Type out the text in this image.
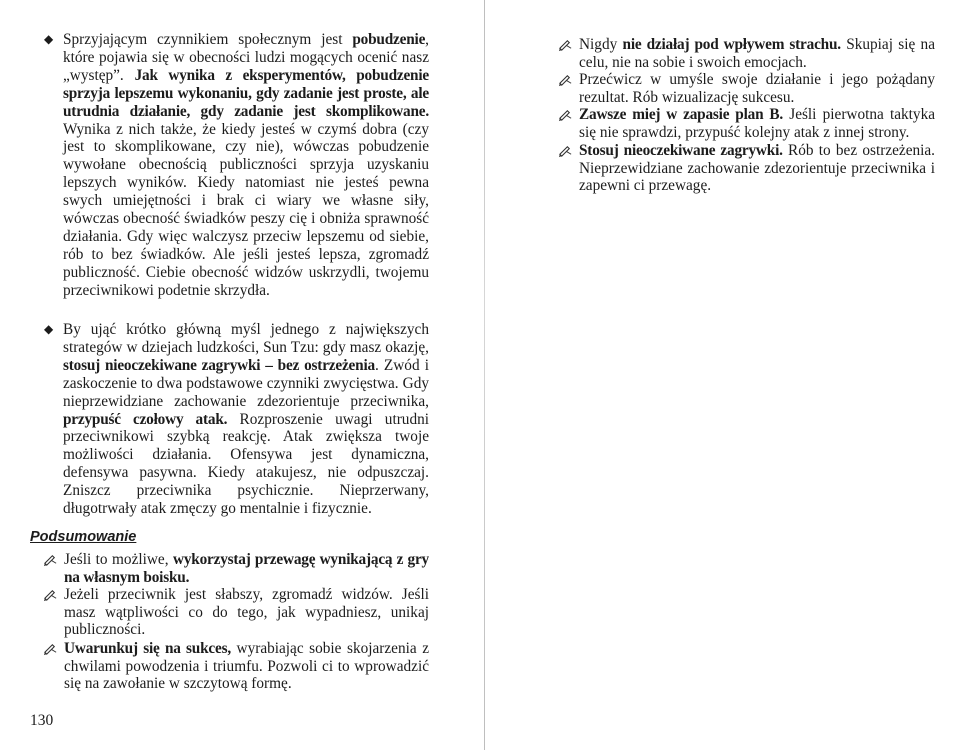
◆ Sprzyjającym czynnikiem społecznym jest pobudzenie, które pojawia się w obecności ludzi mogących ocenić nasz „występ”. Jak wynika z eksperymentów, pobudzenie sprzyja lepszemu wykonaniu, gdy zadanie jest proste, ale utrudnia działanie, gdy zadanie jest skomplikowane. Wynika z nich także, że kiedy jesteś w czymś dobra (czy jest to skomplikowane, czy nie), wówczas pobudzenie wywołane obecnością publiczności sprzyja uzyskaniu lepszych wyników. Kiedy natomiast nie jesteś pewna swych umiejętności i brak ci wiary we własne siły, wówczas obecność świadków peszy cię i obniża sprawność działania. Gdy więc walczysz przeciw lepszemu od siebie, rób to bez świadków. Ale jeśli jesteś lepsza, zgromadź publiczność. Ciebie obecność widzów uskrzydli, twojemu przeciwnikowi podetnie skrzydła.
◆ By ująć krótko główną myśl jednego z największych strategów w dziejach ludzkości, Sun Tzu: gdy masz okazję, stosuj nieoczekiwane zagrywki – bez ostrzeżenia. Zwód i zaskoczenie to dwa podstawowe czynniki zwycięstwa. Gdy nieprzewidziane zachowanie zdezorientuje przeciwnika, przypuść czołowy atak. Rozproszenie uwagi utrudni przeciwnikowi szybką reakcję. Atak zwiększa twoje możliwości działania. Ofensywa jest dynamiczna, defensywa pasywna. Kiedy atakujesz, nie odpuszczaj. Zniszcz przeciwnika psychicznie. Nieprzerwany, długotrwały atak zmęczy go mentalnie i fizycznie.
Podsumowanie
Jeśli to możliwe, wykorzystaj przewagę wynikającą z gry na własnym boisku.
Jeżeli przeciwnik jest słabszy, zgromadź widzów. Jeśli masz wątpliwości co do tego, jak wypadniesz, unikaj publiczności.
Uwarunkuj się na sukces, wyrabiając sobie skojarzenia z chwilami powodzenia i triumfu. Pozwoli ci to wprowadzić się na zawołanie w szczytową formę.
130
Nigdy nie działaj pod wpływem strachu. Skupiaj się na celu, nie na sobie i swoich emocjach.
Przećwicz w umyśle swoje działanie i jego pożądany rezultat. Rób wizualizację sukcesu.
Zawsze miej w zapasie plan B. Jeśli pierwotna taktyka się nie sprawdzi, przypuść kolejny atak z innej strony.
Stosuj nieoczekiwane zagrywki. Rób to bez ostrzeżenia. Nieprzewidziane zachowanie zdezorientuje przeciwnika i zapewni ci przewagę.
